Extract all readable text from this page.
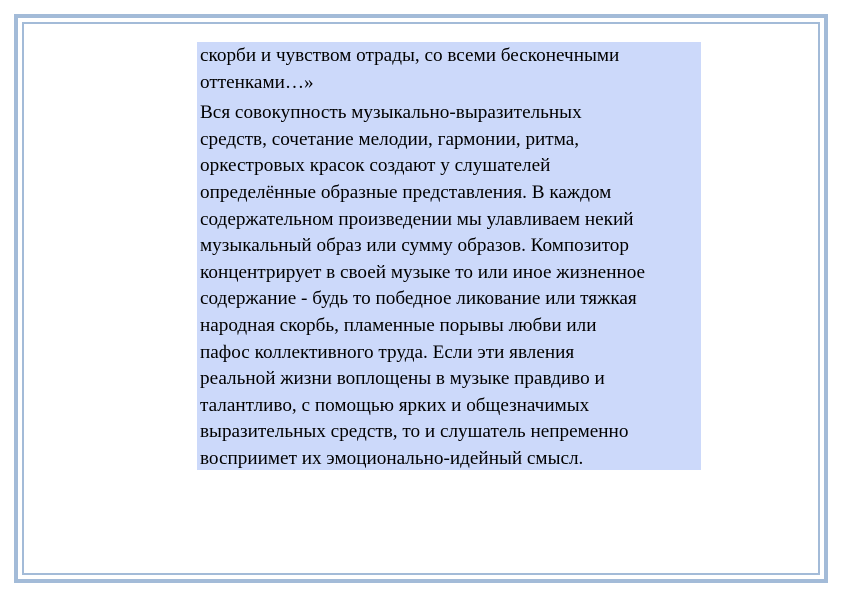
скорби и чувством отрады, со всеми бесконечными
оттенками…»

Вся совокупность музыкально-выразительных
средств, сочетание мелодии, гармонии, ритма,
оркестровых красок создают у слушателей
определённые образные представления. В каждом
содержательном произведении мы улавливаем некий
музыкальный образ или сумму образов. Композитор
концентрирует в своей музыке то или иное жизненное
содержание - будь то победное ликование или тяжкая
народная скорбь, пламенные порывы любви или
пафос коллективного труда. Если эти явления
реальной жизни воплощены в музыке правдиво и
талантливо, с помощью ярких и общезначимых
выразительных средств, то и слушатель непременно
восприимет их эмоционально-идейный смысл.
